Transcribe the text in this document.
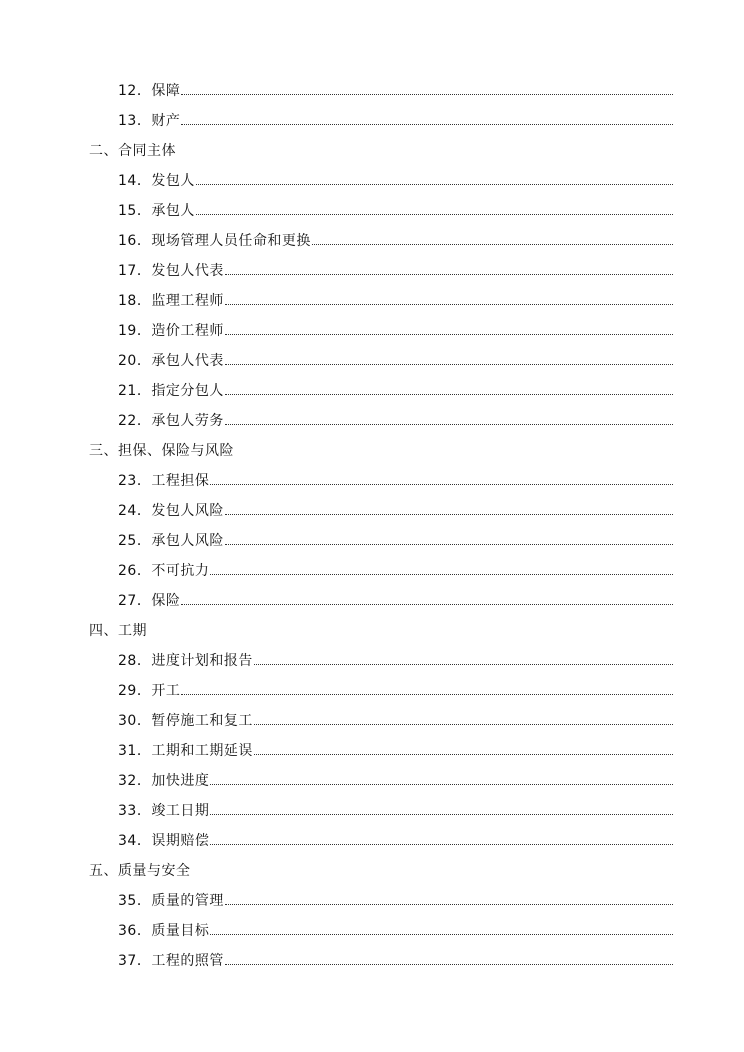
12． 保障
13． 财产
二、合同主体
14． 发包人
15． 承包人
16． 现场管理人员任命和更换
17． 发包人代表
18． 监理工程师
19． 造价工程师
20． 承包人代表
21． 指定分包人
22． 承包人劳务
三、担保、保险与风险
23． 工程担保
24． 发包人风险
25． 承包人风险
26． 不可抗力
27． 保险
四、工期
28． 进度计划和报告
29． 开工
30． 暂停施工和复工
31． 工期和工期延误
32． 加快进度
33． 竣工日期
34． 误期赔偿
五、质量与安全
35． 质量的管理
36． 质量目标
37． 工程的照管
